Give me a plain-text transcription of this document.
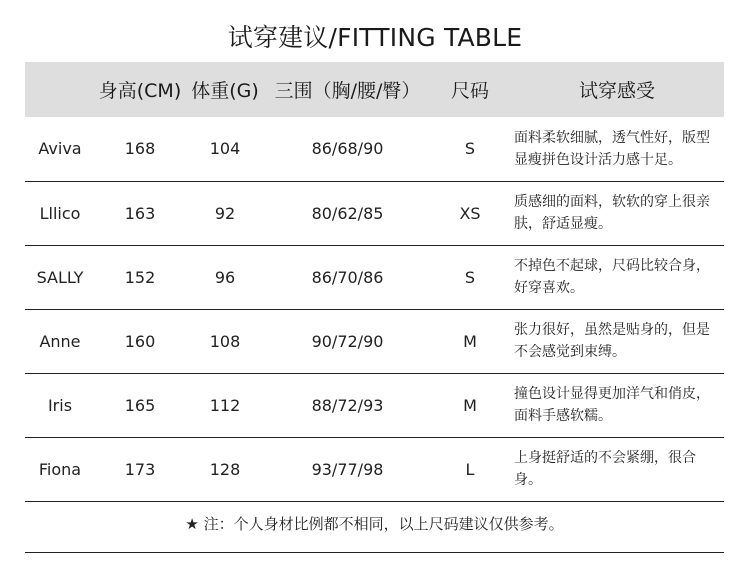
试穿建议/FITTING TABLE
	身高(CM)	体重(G)	三围（胸/腰/臀）	尺码	试穿感受
Aviva	168	104	86/68/90	S	面料柔软细腻，透气性好，版型显瘦拼色设计活力感十足。
Lllico	163	92	80/62/85	XS	质感细的面料，软软的穿上很亲肤，舒适显瘦。
SALLY	152	96	86/70/86	S	不掉色不起球，尺码比较合身，好穿喜欢。
Anne	160	108	90/72/90	M	张力很好，虽然是贴身的，但是不会感觉到束缚。
Iris	165	112	88/72/93	M	撞色设计显得更加洋气和俏皮，面料手感软糯。
Fiona	173	128	93/77/98	L	上身挺舒适的不会紧绷，很合身。
★ 注：个人身材比例都不相同，以上尺码建议仅供参考。
